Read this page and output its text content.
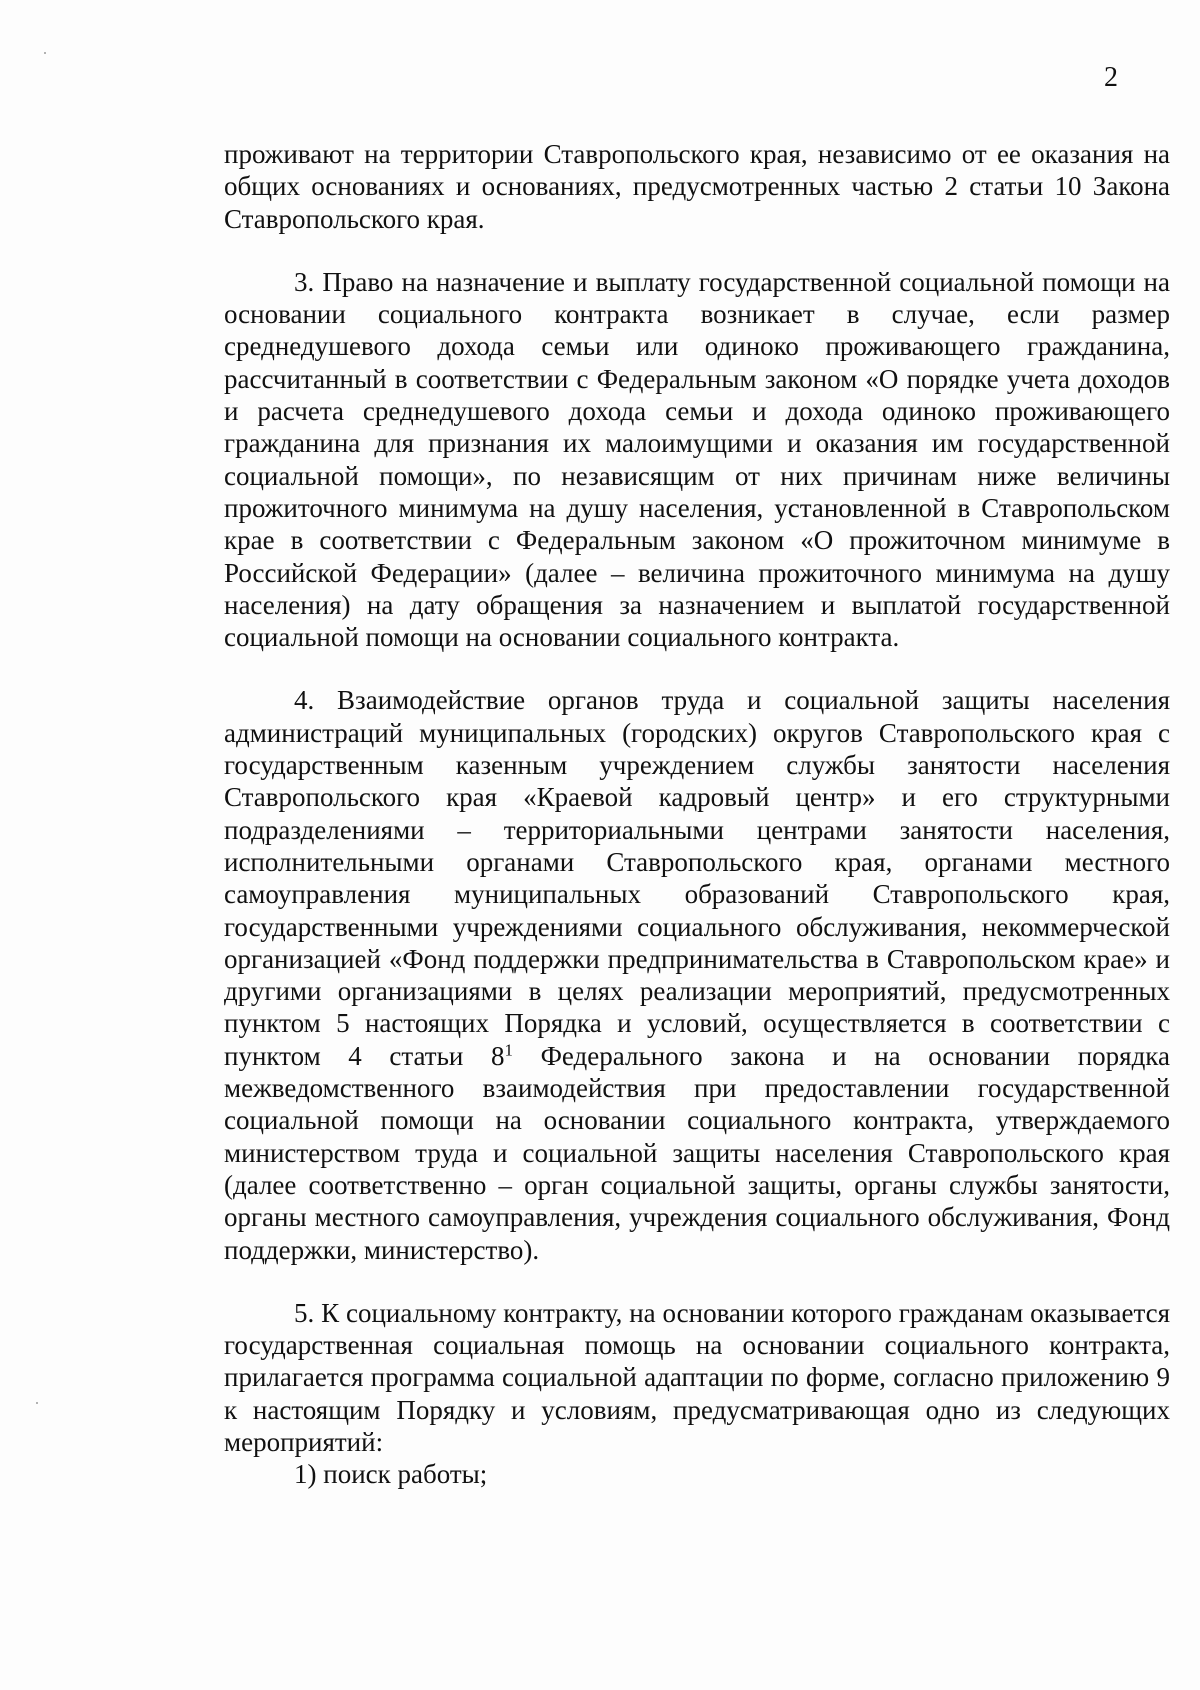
2

проживают на территории Ставропольского края, независимо от ее оказания на общих основаниях и основаниях, предусмотренных частью 2 статьи 10 Закона Ставропольского края.

3. Право на назначение и выплату государственной социальной помощи на основании социального контракта возникает в случае, если размер среднедушевого дохода семьи или одиноко проживающего гражданина, рассчитанный в соответствии с Федеральным законом «О порядке учета доходов и расчета среднедушевого дохода семьи и дохода одиноко проживающего гражданина для признания их малоимущими и оказания им государственной социальной помощи», по независящим от них причинам ниже величины прожиточного минимума на душу населения, установленной в Ставропольском крае в соответствии с Федеральным законом «О прожиточном минимуме в Российской Федерации» (далее – величина прожиточного минимума на душу населения) на дату обращения за назначением и выплатой государственной социальной помощи на основании социального контракта.

4. Взаимодействие органов труда и социальной защиты населения администраций муниципальных (городских) округов Ставропольского края с государственным казенным учреждением службы занятости населения Ставропольского края «Краевой кадровый центр» и его структурными подразделениями – территориальными центрами занятости населения, исполнительными органами Ставропольского края, органами местного самоуправления муниципальных образований Ставропольского края, государственными учреждениями социального обслуживания, некоммерческой организацией «Фонд поддержки предпринимательства в Ставропольском крае» и другими организациями в целях реализации мероприятий, предусмотренных пунктом 5 настоящих Порядка и условий, осуществляется в соответствии с пунктом 4 статьи $8^1$ Федерального закона и на основании порядка межведомственного взаимодействия при предоставлении государственной социальной помощи на основании социального контракта, утверждаемого министерством труда и социальной защиты населения Ставропольского края (далее соответственно – орган социальной защиты, органы службы занятости, органы местного самоуправления, учреждения социального обслуживания, Фонд поддержки, министерство).

5. К социальному контракту, на основании которого гражданам оказывается государственная социальная помощь на основании социального контракта, прилагается программа социальной адаптации по форме, согласно приложению 9 к настоящим Порядку и условиям, предусматривающая одно из следующих мероприятий:

1) поиск работы;
